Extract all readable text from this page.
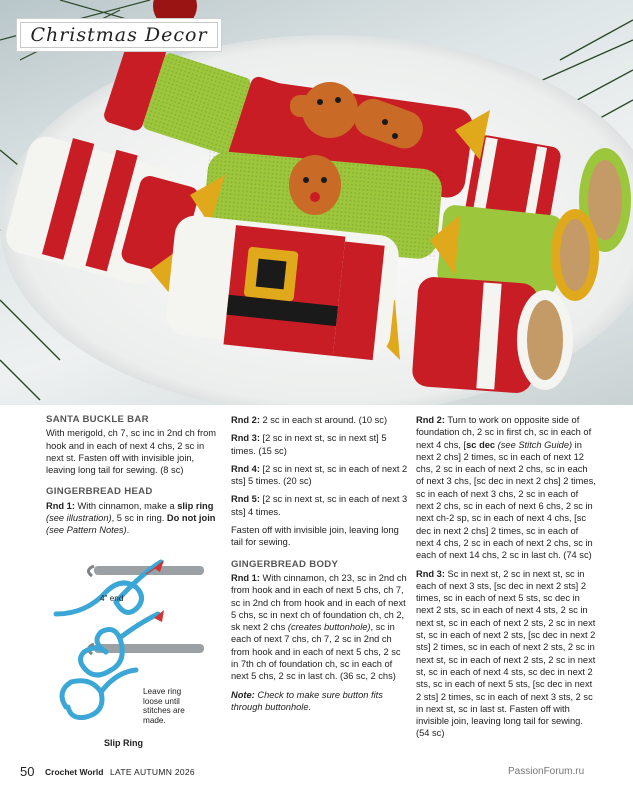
Christmas Decor
SANTA BUCKLE BAR
With merigold, ch 7, sc inc in 2nd ch from hook and in each of next 4 chs, 2 sc in next st. Fasten off with invisible join, leaving long tail for sewing. (8 sc)
GINGERBREAD HEAD
Rnd 1: With cinnamon, make a slip ring (see illustration), 5 sc in ring. Do not join (see Pattern Notes).
4" end
Leave ring loose until stitches are made.
Slip Ring
Rnd 2: 2 sc in each st around. (10 sc)
Rnd 3: [2 sc in next st, sc in next st] 5 times. (15 sc)
Rnd 4: [2 sc in next st, sc in each of next 2 sts] 5 times. (20 sc)
Rnd 5: [2 sc in next st, sc in each of next 3 sts] 4 times.
Fasten off with invisible join, leaving long tail for sewing.
GINGERBREAD BODY
Rnd 1: With cinnamon, ch 23, sc in 2nd ch from hook and in each of next 5 chs, ch 7, sc in 2nd ch from hook and in each of next 5 chs, sc in next ch of foundation ch, ch 2, sk next 2 chs (creates buttonhole), sc in each of next 7 chs, ch 7, 2 sc in 2nd ch from hook and in each of next 5 chs, 2 sc in 7th ch of foundation ch, sc in each of next 5 chs, 2 sc in last ch. (36 sc, 2 chs)
Note: Check to make sure button fits through buttonhole.
Rnd 2: Turn to work on opposite side of foundation ch, 2 sc in first ch, sc in each of next 4 chs, [sc dec (see Stitch Guide) in next 2 chs] 2 times, sc in each of next 12 chs, 2 sc in each of next 2 chs, sc in each of next 3 chs, [sc dec in next 2 chs] 2 times, sc in each of next 3 chs, 2 sc in each of next 2 chs, sc in each of next 6 chs, 2 sc in next ch-2 sp, sc in each of next 4 chs, [sc dec in next 2 chs] 2 times, sc in each of next 4 chs, 2 sc in each of next 2 chs, sc in each of next 14 chs, 2 sc in last ch. (74 sc)
Rnd 3: Sc in next st, 2 sc in next st, sc in each of next 3 sts, [sc dec in next 2 sts] 2 times, sc in each of next 5 sts, sc dec in next 2 sts, sc in each of next 4 sts, 2 sc in next st, sc in each of next 2 sts, 2 sc in next st, sc in each of next 2 sts, [sc dec in next 2 sts] 2 times, sc in each of next 2 sts, 2 sc in next st, sc in each of next 2 sts, 2 sc in next st, sc in each of next 4 sts, sc dec in next 2 sts, sc in each of next 5 sts, [sc dec in next 2 sts] 2 times, sc in each of next 3 sts, 2 sc in next st, sc in last st. Fasten off with invisible join, leaving long tail for sewing. (54 sc)
50 Crochet World LATE AUTUMN 2026	PassionForum.ru
